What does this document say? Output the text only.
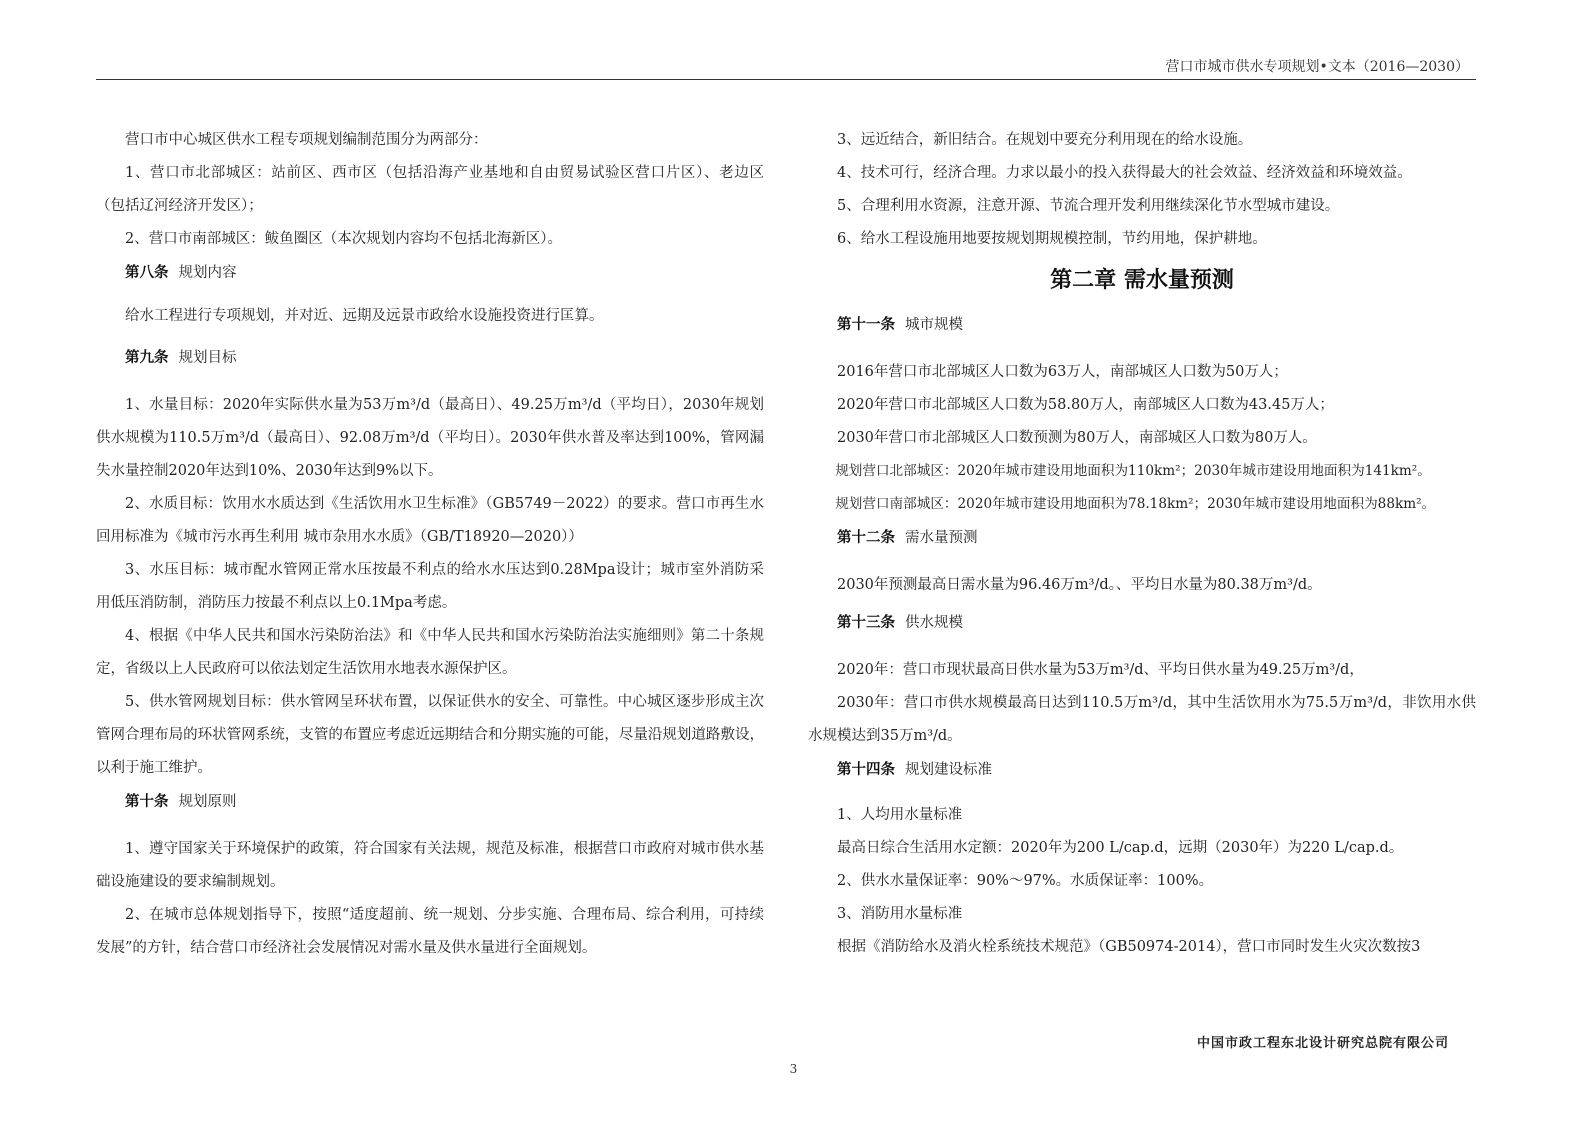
营口市城市供水专项规划•文本（2016—2030）

营口市中心城区供水工程专项规划编制范围分为两部分：

1、营口市北部城区：站前区、西市区（包括沿海产业基地和自由贸易试验区营口片区）、老边区（包括辽河经济开发区）；

2、营口市南部城区：鲅鱼圈区（本次规划内容均不包括北海新区）。

第八条 规划内容

给水工程进行专项规划，并对近、远期及远景市政给水设施投资进行匡算。

第九条 规划目标

1、水量目标：2020年实际供水量为53万m³/d（最高日）、49.25万m³/d（平均日），2030年规划供水规模为110.5万m³/d（最高日）、92.08万m³/d（平均日）。2030年供水普及率达到100%，管网漏失水量控制2020年达到10%、2030年达到9%以下。

2、水质目标：饮用水水质达到《生活饮用水卫生标准》（GB5749－2022）的要求。营口市再生水回用标准为《城市污水再生利用 城市杂用水水质》（GB/T18920—2020））

3、水压目标：城市配水管网正常水压按最不利点的给水水压达到0.28Mpa设计；城市室外消防采用低压消防制，消防压力按最不利点以上0.1Mpa考虑。

4、根据《中华人民共和国水污染防治法》和《中华人民共和国水污染防治法实施细则》第二十条规定，省级以上人民政府可以依法划定生活饮用水地表水源保护区。

5、供水管网规划目标：供水管网呈环状布置，以保证供水的安全、可靠性。中心城区逐步形成主次管网合理布局的环状管网系统，支管的布置应考虑近远期结合和分期实施的可能，尽量沿规划道路敷设，以利于施工维护。

第十条 规划原则

1、遵守国家关于环境保护的政策，符合国家有关法规，规范及标准，根据营口市政府对城市供水基础设施建设的要求编制规划。

2、在城市总体规划指导下，按照“适度超前、统一规划、分步实施、合理布局、综合利用，可持续发展”的方针，结合营口市经济社会发展情况对需水量及供水量进行全面规划。

3、远近结合，新旧结合。在规划中要充分利用现在的给水设施。

4、技术可行，经济合理。力求以最小的投入获得最大的社会效益、经济效益和环境效益。

5、合理利用水资源，注意开源、节流合理开发利用继续深化节水型城市建设。

6、给水工程设施用地要按规划期规模控制，节约用地，保护耕地。

第二章 需水量预测

第十一条 城市规模

2016年营口市北部城区人口数为63万人，南部城区人口数为50万人；

2020年营口市北部城区人口数为58.80万人，南部城区人口数为43.45万人；

2030年营口市北部城区人口数预测为80万人，南部城区人口数为80万人。

规划营口北部城区：2020年城市建设用地面积为110km²；2030年城市建设用地面积为141km²。

规划营口南部城区：2020年城市建设用地面积为78.18km²；2030年城市建设用地面积为88km²。

第十二条 需水量预测

2030年预测最高日需水量为96.46万m³/d。、平均日水量为80.38万m³/d。

第十三条 供水规模

2020年：营口市现状最高日供水量为53万m³/d、平均日供水量为49.25万m³/d，

2030年：营口市供水规模最高日达到110.5万m³/d，其中生活饮用水为75.5万m³/d，非饮用水供水规模达到35万m³/d。

第十四条 规划建设标准

1、人均用水量标准

最高日综合生活用水定额：2020年为200 L/cap.d，远期（2030年）为220 L/cap.d。

2、供水水量保证率：90%～97%。水质保证率：100%。

3、消防用水量标准

根据《消防给水及消火栓系统技术规范》（GB50974-2014），营口市同时发生火灾次数按3

中国市政工程东北设计研究总院有限公司
3
